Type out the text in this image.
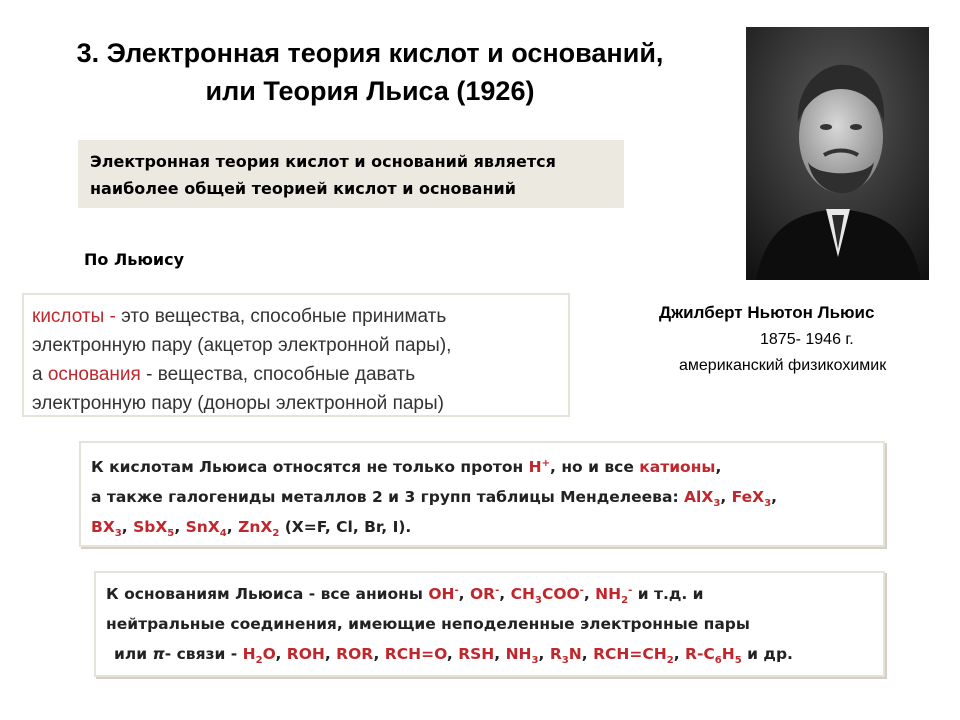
3. Электронная теория кислот и оснований,
или Теория Льиса (1926)
Электронная теория кислот и оснований является
наиболее общей теорией кислот и оснований
По Льюису
Джилберт Ньютон Льюис
1875- 1946 г.
американский физикохимик
кислоты - это вещества, способные принимать
электронную пару (акцетор электронной пары),
а основания - вещества, способные давать
электронную пару (доноры электронной пары)
К кислотам Льюиса относятся не только протон H+, но и все катионы,
а также галогениды металлов 2 и 3 групп таблицы Менделеева: AlX$_3$, FeX$_3$,
$BX_3$, SbX$_5$, SnX$_4$, ZnX$_2$ (X=F, Cl, Br, I).
К основаниям Льюиса - все анионы OH-, OR-, $CH_3COO^-$, $NH_2^-$ и т.д. и
нейтральные соединения, имеющие неподеленные электронные пары
или π- связи - $H_2O$, ROH, ROR, RCH=O, RSH, $NH_3$, $R_3N$, $RCH=CH_2$, $R-C_6H_5$ и др.
